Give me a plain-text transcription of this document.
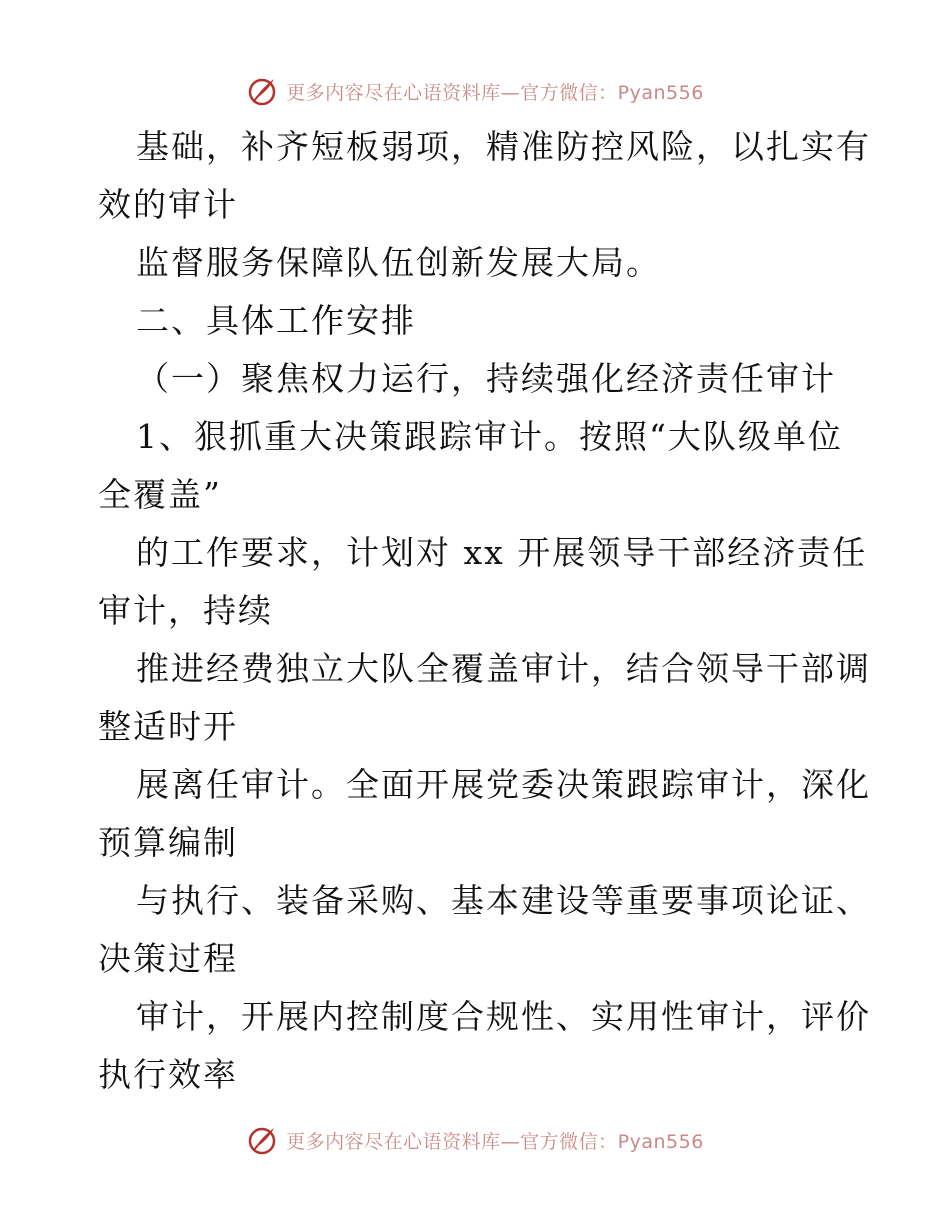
更多内容尽在心语资料库—官方微信：Pyan556
基础，补齐短板弱项，精准防控风险，以扎实有
效的审计
监督服务保障队伍创新发展大局。
二、具体工作安排
（一）聚焦权力运行，持续强化经济责任审计
1、狠抓重大决策跟踪审计。按照“大队级单位
全覆盖”
的工作要求，计划对 xx 开展领导干部经济责任
审计，持续
推进经费独立大队全覆盖审计，结合领导干部调
整适时开
展离任审计。全面开展党委决策跟踪审计，深化
预算编制
与执行、装备采购、基本建设等重要事项论证、
决策过程
审计，开展内控制度合规性、实用性审计，评价
执行效率
更多内容尽在心语资料库—官方微信：Pyan556
